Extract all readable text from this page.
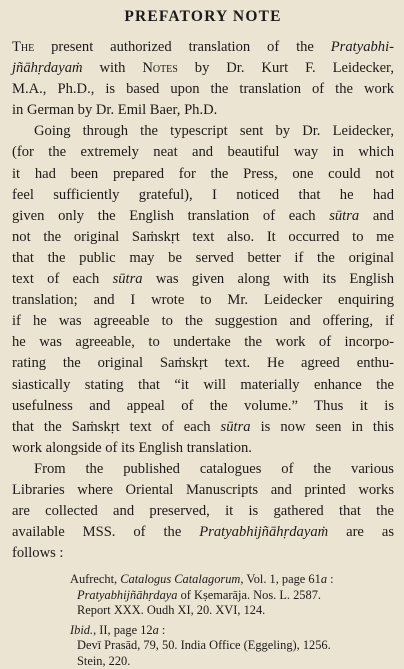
PREFATORY NOTE

The present authorized translation of the Pratyabhi-
jñāhṛdayaṁ with Notes by Dr. Kurt F. Leidecker,
M.A., Ph.D., is based upon the translation of the work
in German by Dr. Emil Baer, Ph.D.

Going through the typescript sent by Dr. Leidecker,
(for the extremely neat and beautiful way in which
it had been prepared for the Press, one could not
feel sufficiently grateful), I noticed that he had
given only the English translation of each sūtra and
not the original Saṁskṛt text also. It occurred to me
that the public may be served better if the original
text of each sūtra was given along with its English
translation; and I wrote to Mr. Leidecker enquiring
if he was agreeable to the suggestion and offering, if
he was agreeable, to undertake the work of incorpo-
rating the original Saṁskṛt text. He agreed enthu-
siastically stating that “it will materially enhance the
usefulness and appeal of the volume.” Thus it is
that the Saṁskṛt text of each sūtra is now seen in this
work alongside of its English translation.

From the published catalogues of the various
Libraries where Oriental Manuscripts and printed works
are collected and preserved, it is gathered that the
available MSS. of the Pratyabhijñāhṛdayaṁ are as
follows :

Aufrecht, Catalogus Catalagorum, Vol. 1, page 61a :
Pratyabhijñāhṛdaya of Kṣemarāja. Nos. L. 2587.
Report XXX. Oudh XI, 20. XVI, 124.
Ibid., II, page 12a :
Devī Prasād, 79, 50. India Office (Eggeling), 1256.
Stein, 220.
